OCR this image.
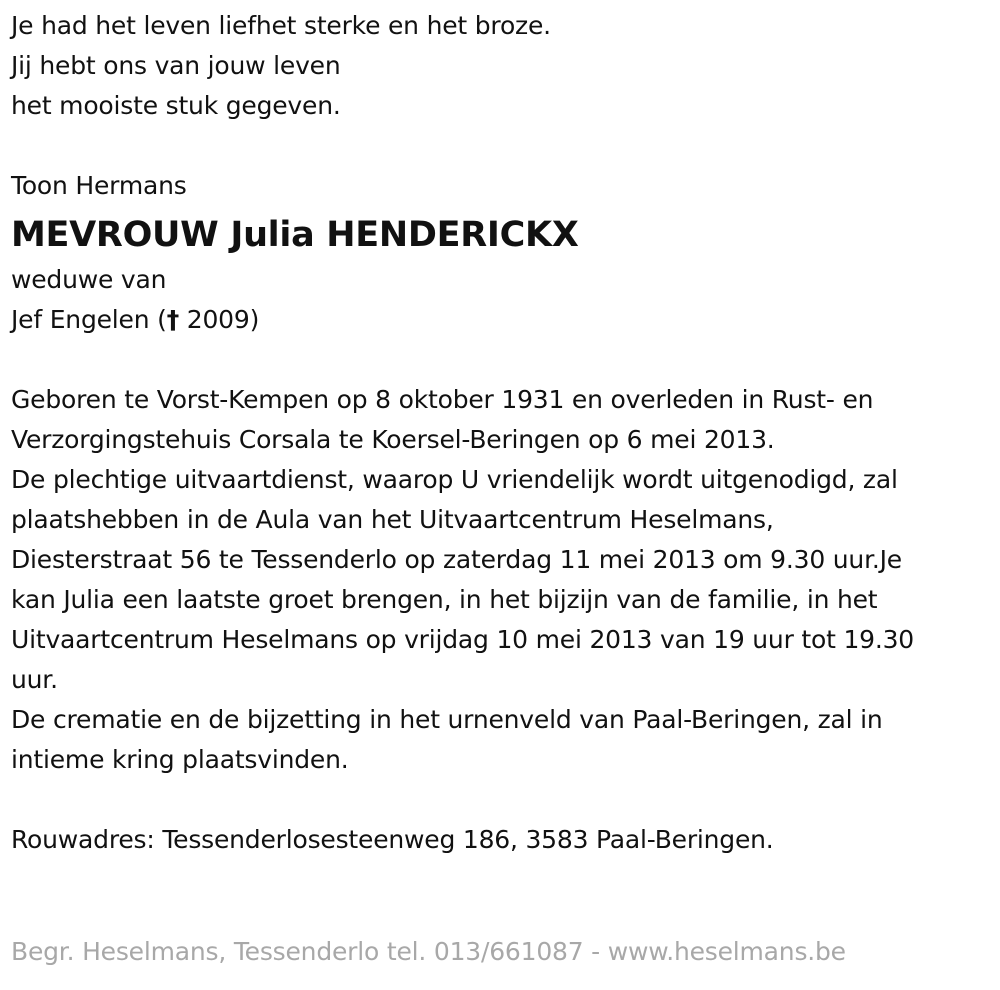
Je had het leven liefhet sterke en het broze.
Jij hebt ons van jouw leven
het mooiste stuk gegeven.
Toon Hermans
MEVROUW Julia HENDERICKX
weduwe van
Jef Engelen († 2009)
Geboren te Vorst-Kempen op 8 oktober 1931 en overleden in Rust- en
Verzorgingstehuis Corsala te Koersel-Beringen op 6 mei 2013.
De plechtige uitvaartdienst, waarop U vriendelijk wordt uitgenodigd, zal
plaatshebben in de Aula van het Uitvaartcentrum Heselmans,
Diesterstraat 56 te Tessenderlo op zaterdag 11 mei 2013 om 9.30 uur.Je
kan Julia een laatste groet brengen, in het bijzijn van de familie, in het
Uitvaartcentrum Heselmans op vrijdag 10 mei 2013 van 19 uur tot 19.30
uur.
De crematie en de bijzetting in het urnenveld van Paal-Beringen, zal in
intieme kring plaatsvinden.
Rouwadres: Tessenderlosesteenweg 186, 3583 Paal-Beringen.
Begr. Heselmans, Tessenderlo tel. 013/661087 - www.heselmans.be
